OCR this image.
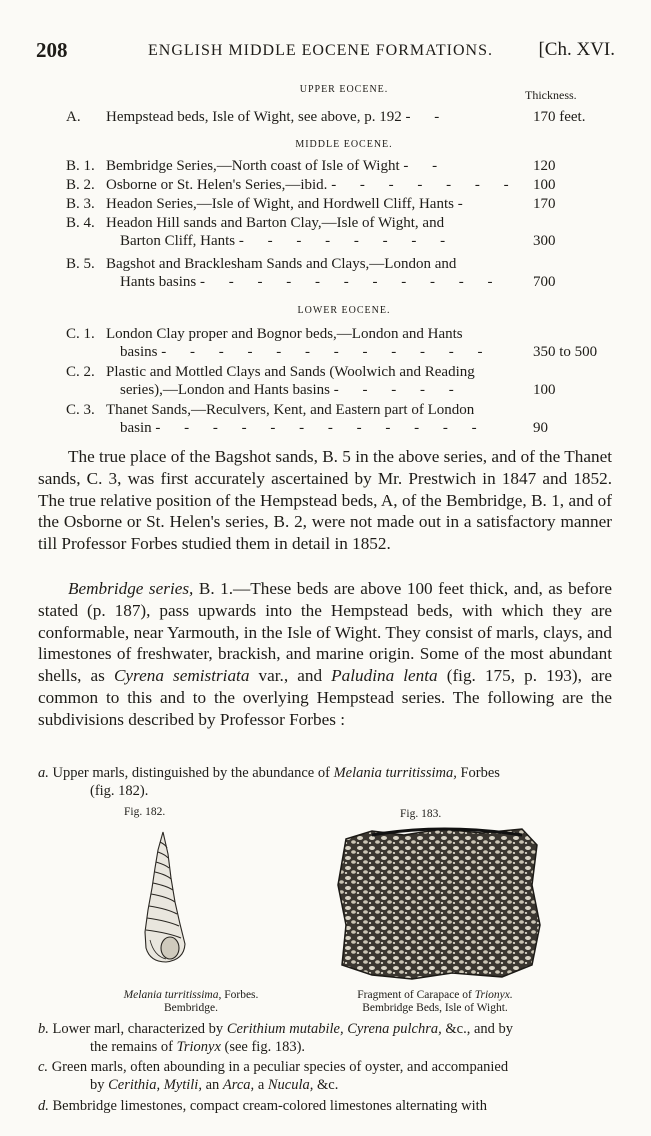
208	ENGLISH MIDDLE EOCENE FORMATIONS. [Ch. XVI.
UPPER EOCENE.	Thickness.
A.	Hempstead beds, Isle of Wight, see above, p. 192 - -	170 feet.
MIDDLE EOCENE.
B. 1. Bembridge Series,—North coast of Isle of Wight - -	120
B. 2. Osborne or St. Helen's Series,—ibid. - - - - - - - 100
B. 3. Headon Series,—Isle of Wight, and Hordwell Cliff, Hants -	170
B. 4. Headon Hill sands and Barton Clay,—Isle of Wight, and
Barton Cliff, Hants - - - - - - - -	300
B. 5. Bagshot and Bracklesham Sands and Clays,—London and
Hants basins - - - - - - - - - - -	700
LOWER EOCENE.
C. 1. London Clay proper and Bognor beds,—London and Hants
basins - - - - - - - - - - - -	350 to 500
C. 2. Plastic and Mottled Clays and Sands (Woolwich and Reading
series),—London and Hants basins - - - - -	100
C. 3. Thanet Sands,—Reculvers, Kent, and Eastern part of London
basin - - - - - - - - - - - -	90
The true place of the Bagshot sands, B. 5 in the above series, and of the Thanet sands, C. 3, was first accurately ascertained by Mr. Prestwich in 1847 and 1852. The true relative position of the Hempstead beds, A, of the Bembridge, B. 1, and of the Osborne or St. Helen's series, B. 2, were not made out in a satisfactory manner till Professor Forbes studied them in detail in 1852.
Bembridge series, B. 1.—These beds are above 100 feet thick, and, as before stated (p. 187), pass upwards into the Hempstead beds, with which they are conformable, near Yarmouth, in the Isle of Wight. They consist of marls, clays, and limestones of freshwater, brackish, and marine origin. Some of the most abundant shells, as Cyrena semistriata var., and Paludina lenta (fig. 175, p. 193), are common to this and to the overlying Hempstead series. The following are the subdivisions described by Professor Forbes :
a. Upper marls, distinguished by the abundance of Melania turritissima, Forbes
(fig. 182).
Fig. 182.	Fig. 183.
Melania turritissima, Forbes.
Bembridge.
Fragment of Carapace of Trionyx.
Bembridge Beds, Isle of Wight.
b. Lower marl, characterized by Cerithium mutabile, Cyrena pulchra, &c., and by
the remains of Trionyx (see fig. 183).
c. Green marls, often abounding in a peculiar species of oyster, and accompanied
by Cerithia, Mytili, an Arca, a Nucula, &c.
d. Bembridge limestones, compact cream-colored limestones alternating with
